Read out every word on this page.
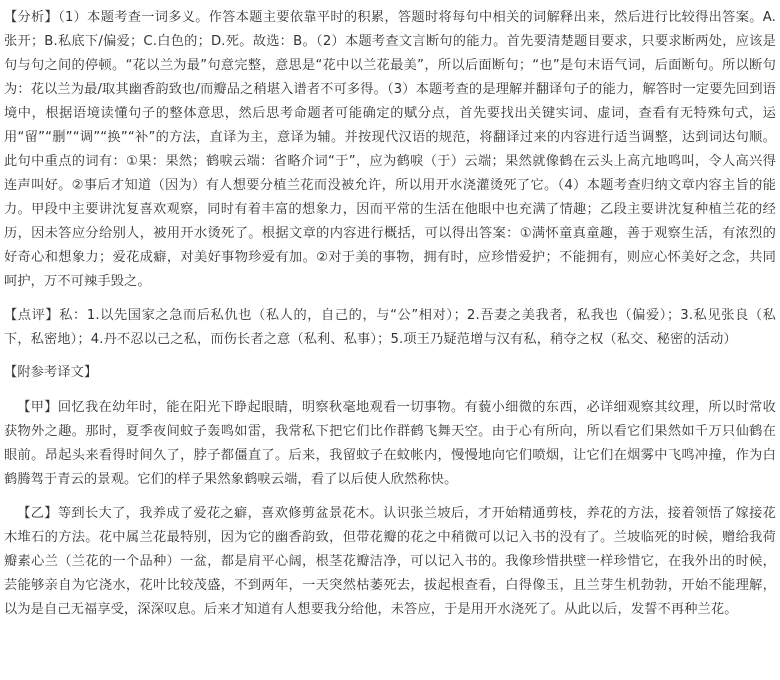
【分析】（1）本题考查一词多义。作答本题主要依靠平时的积累，答题时将每句中相关的词解释出来，然后进行比较得出答案。A.张开；B.私底下/偏爱；C.白色的；D.死。故选：B。（2）本题考查文言断句的能力。首先要清楚题目要求，只要求断两处，应该是句与句之间的停顿。“花以兰为最”句意完整，意思是“花中以兰花最美”，所以后面断句；“也”是句末语气词，后面断句。所以断句为：花以兰为最/取其幽香韵致也/而瓣品之稍堪入谱者不可多得。（3）本题考查的是理解并翻译句子的能力，解答时一定要先回到语境中，根据语境读懂句子的整体意思，然后思考命题者可能确定的赋分点，首先要找出关键实词、虚词，查看有无特殊句式，运用“留”“删”“调”“换”“补”的方法，直译为主，意译为辅。并按现代汉语的规范，将翻译过来的内容进行适当调整，达到词达句顺。此句中重点的词有：①果：果然；鹤唳云端：省略介词“于”，应为鹤唳（于）云端；果然就像鹤在云头上高亢地鸣叫，令人高兴得连声叫好。②事后才知道（因为）有人想要分植兰花而没被允许，所以用开水浇灌烫死了它。（4）本题考查归纳文章内容主旨的能力。甲段中主要讲沈复喜欢观察，同时有着丰富的想象力，因而平常的生活在他眼中也充满了情趣；乙段主要讲沈复种植兰花的经历，因未答应分给别人，被用开水烫死了。根据文章的内容进行概括，可以得出答案：①满怀童真童趣，善于观察生活，有浓烈的好奇心和想象力；爱花成癖，对美好事物珍爱有加。②对于美的事物，拥有时，应珍惜爱护；不能拥有，则应心怀美好之念，共同呵护，万不可辣手毁之。

【点评】私：1.以先国家之急而后私仇也（私人的，自己的，与“公”相对）；2.吾妻之美我者，私我也（偏爱）；3.私见张良（私下，私密地）；4.丹不忍以己之私，而伤长者之意（私利、私事）；5.项王乃疑范增与汉有私，稍夺之权（私交、秘密的活动）

【附参考译文】

【甲】回忆我在幼年时，能在阳光下睁起眼睛，明察秋毫地观看一切事物。有藐小细微的东西，必详细观察其纹理，所以时常收获物外之趣。那时，夏季夜间蚊子轰鸣如雷，我常私下把它们比作群鹤飞舞天空。由于心有所向，所以看它们果然如千万只仙鹤在眼前。昂起头来看得时间久了，脖子都僵直了。后来，我留蚊子在蚊帐内，慢慢地向它们喷烟，让它们在烟雾中飞鸣冲撞，作为白鹤腾驾于青云的景观。它们的样子果然象鹤唳云端，看了以后使人欣然称快。

【乙】等到长大了，我养成了爱花之癖，喜欢修剪盆景花木。认识张兰坡后，才开始精通剪枝，养花的方法，接着领悟了嫁接花木堆石的方法。花中属兰花最特别，因为它的幽香韵致，但带花瓣的花之中稍微可以记入书的没有了。兰坡临死的时候，赠给我荷瓣素心兰（兰花的一个品种）一盆，都是肩平心阔，根茎花瓣洁净，可以记入书的。我像珍惜拱壁一样珍惜它，在我外出的时候，芸能够亲自为它浇水，花叶比较茂盛，不到两年，一天突然枯萎死去，拔起根查看，白得像玉，且兰芽生机勃勃，开始不能理解，以为是自己无福享受，深深叹息。后来才知道有人想要我分给他，未答应，于是用开水浇死了。从此以后，发誓不再种兰花。
